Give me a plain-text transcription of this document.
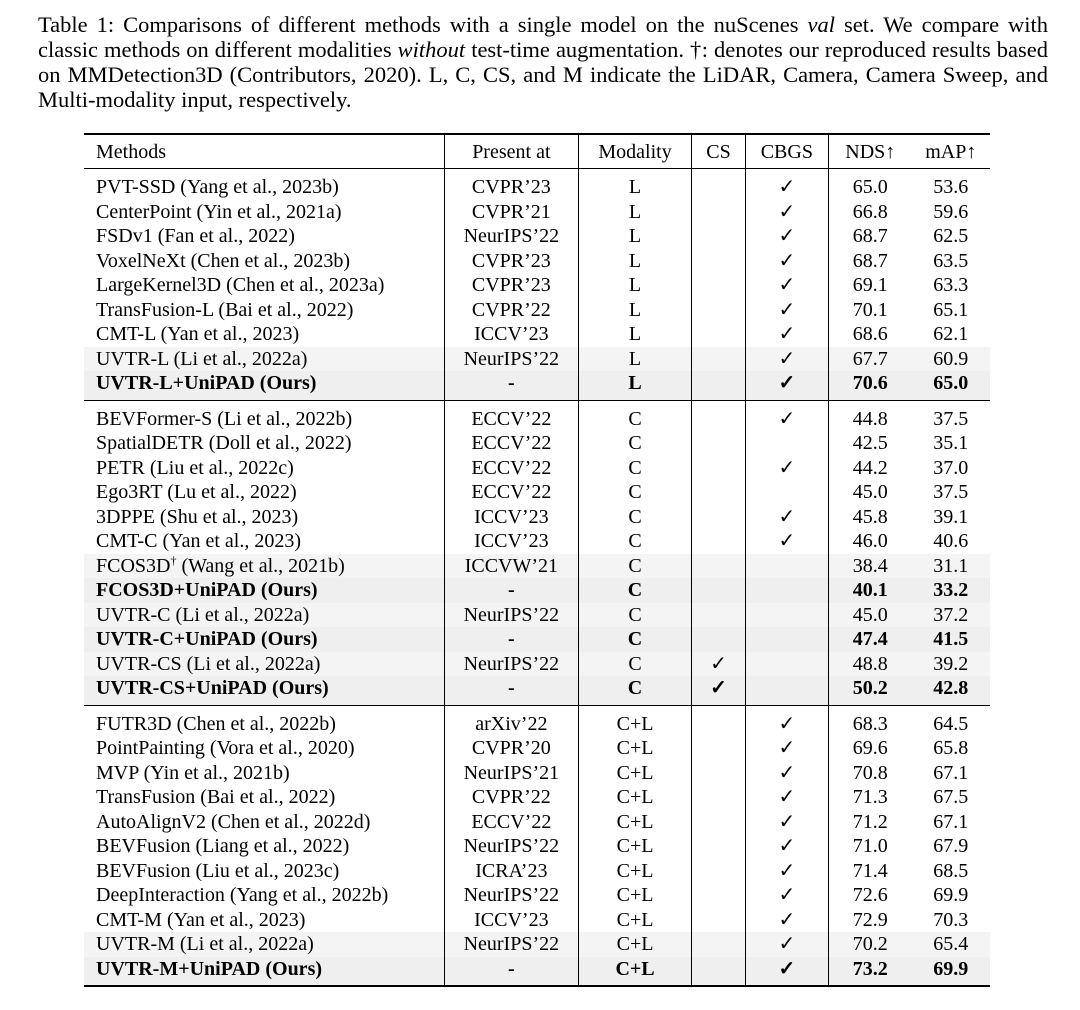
Table 1: Comparisons of different methods with a single model on the nuScenes val set. We compare with classic methods on different modalities without test-time augmentation. †: denotes our reproduced results based on MMDetection3D (Contributors, 2020). L, C, CS, and M indicate the LiDAR, Camera, Camera Sweep, and Multi-modality input, respectively.
Methods	Present at	Modality	CS	CBGS	NDS↑	mAP↑
PVT-SSD (Yang et al., 2023b)	CVPR’23	L		✓	65.0	53.6
CenterPoint (Yin et al., 2021a)	CVPR’21	L		✓	66.8	59.6
FSDv1 (Fan et al., 2022)	NeurIPS’22	L		✓	68.7	62.5
VoxelNeXt (Chen et al., 2023b)	CVPR’23	L		✓	68.7	63.5
LargeKernel3D (Chen et al., 2023a)	CVPR’23	L		✓	69.1	63.3
TransFusion-L (Bai et al., 2022)	CVPR’22	L		✓	70.1	65.1
CMT-L (Yan et al., 2023)	ICCV’23	L		✓	68.6	62.1
UVTR-L (Li et al., 2022a)	NeurIPS’22	L		✓	67.7	60.9
UVTR-L+UniPAD (Ours)	-	L		✓	70.6	65.0
BEVFormer-S (Li et al., 2022b)	ECCV’22	C		✓	44.8	37.5
SpatialDETR (Doll et al., 2022)	ECCV’22	C			42.5	35.1
PETR (Liu et al., 2022c)	ECCV’22	C		✓	44.2	37.0
Ego3RT (Lu et al., 2022)	ECCV’22	C			45.0	37.5
3DPPE (Shu et al., 2023)	ICCV’23	C		✓	45.8	39.1
CMT-C (Yan et al., 2023)	ICCV’23	C		✓	46.0	40.6
FCOS3D† (Wang et al., 2021b)	ICCVW’21	C			38.4	31.1
FCOS3D+UniPAD (Ours)	-	C			40.1	33.2
UVTR-C (Li et al., 2022a)	NeurIPS’22	C			45.0	37.2
UVTR-C+UniPAD (Ours)	-	C			47.4	41.5
UVTR-CS (Li et al., 2022a)	NeurIPS’22	C	✓		48.8	39.2
UVTR-CS+UniPAD (Ours)	-	C	✓		50.2	42.8
FUTR3D (Chen et al., 2022b)	arXiv’22	C+L		✓	68.3	64.5
PointPainting (Vora et al., 2020)	CVPR’20	C+L		✓	69.6	65.8
MVP (Yin et al., 2021b)	NeurIPS’21	C+L		✓	70.8	67.1
TransFusion (Bai et al., 2022)	CVPR’22	C+L		✓	71.3	67.5
AutoAlignV2 (Chen et al., 2022d)	ECCV’22	C+L		✓	71.2	67.1
BEVFusion (Liang et al., 2022)	NeurIPS’22	C+L		✓	71.0	67.9
BEVFusion (Liu et al., 2023c)	ICRA’23	C+L		✓	71.4	68.5
DeepInteraction (Yang et al., 2022b)	NeurIPS’22	C+L		✓	72.6	69.9
CMT-M (Yan et al., 2023)	ICCV’23	C+L		✓	72.9	70.3
UVTR-M (Li et al., 2022a)	NeurIPS’22	C+L		✓	70.2	65.4
UVTR-M+UniPAD (Ours)	-	C+L		✓	73.2	69.9
